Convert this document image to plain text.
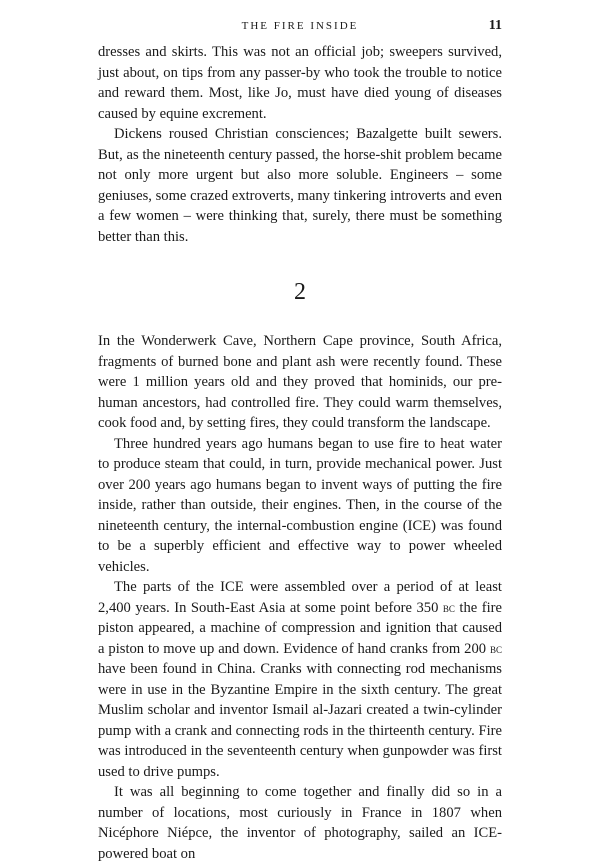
THE FIRE INSIDE	11

dresses and skirts. This was not an official job; sweepers survived, just about, on tips from any passer-by who took the trouble to notice and reward them. Most, like Jo, must have died young of diseases caused by equine excrement.

Dickens roused Christian consciences; Bazalgette built sewers. But, as the nineteenth century passed, the horse-shit problem became not only more urgent but also more soluble. Engineers – some geniuses, some crazed extroverts, many tinkering introverts and even a few women – were thinking that, surely, there must be something better than this.

2

In the Wonderwerk Cave, Northern Cape province, South Africa, fragments of burned bone and plant ash were recently found. These were 1 million years old and they proved that hominids, our pre-human ancestors, had controlled fire. They could warm themselves, cook food and, by setting fires, they could transform the landscape.

Three hundred years ago humans began to use fire to heat water to produce steam that could, in turn, provide mechanical power. Just over 200 years ago humans began to invent ways of putting the fire inside, rather than outside, their engines. Then, in the course of the nineteenth century, the internal-combustion engine (ICE) was found to be a superbly efficient and effective way to power wheeled vehicles.

The parts of the ICE were assembled over a period of at least 2,400 years. In South-East Asia at some point before 350 bc the fire piston appeared, a machine of compression and ignition that caused a piston to move up and down. Evidence of hand cranks from 200 bc have been found in China. Cranks with connecting rod mechanisms were in use in the Byzantine Empire in the sixth century. The great Muslim scholar and inventor Ismail al-Jazari created a twin-cylinder pump with a crank and connecting rods in the thirteenth century. Fire was introduced in the seventeenth century when gunpowder was first used to drive pumps.

It was all beginning to come together and finally did so in a number of locations, most curiously in France in 1807 when Nicéphore Niépce, the inventor of photography, sailed an ICE-powered boat on
